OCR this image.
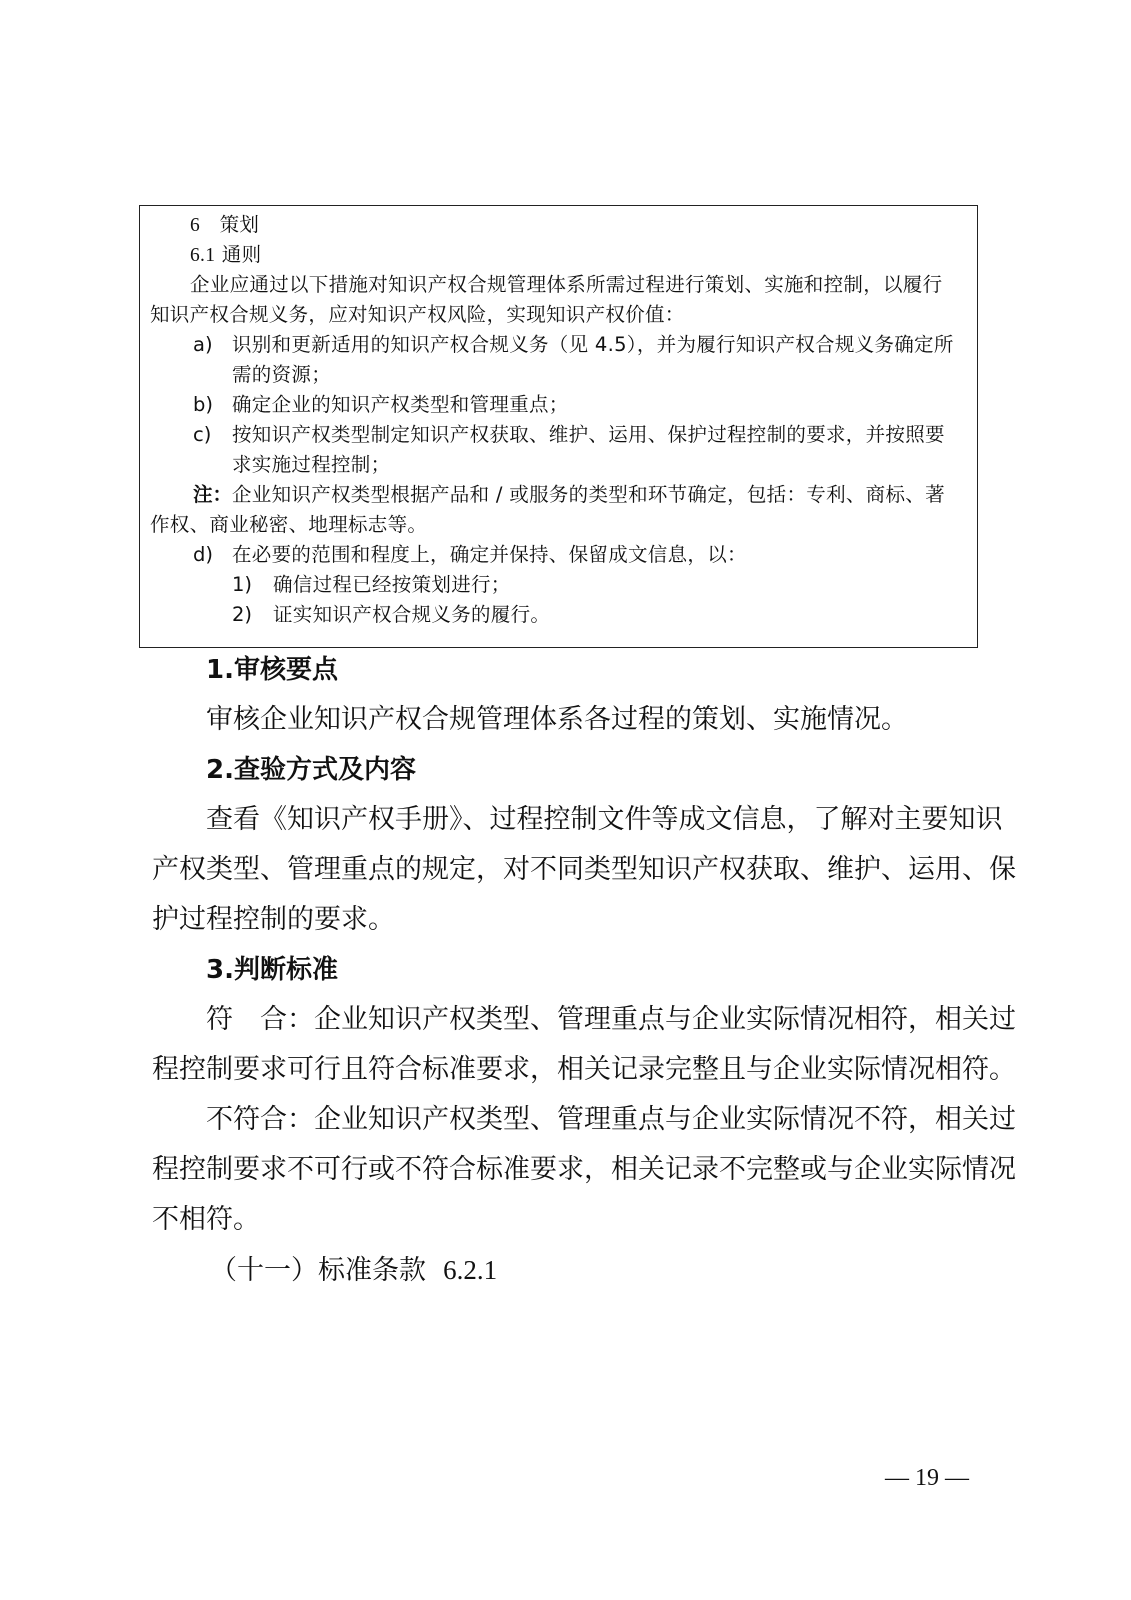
6 策划
6.1 通则
企业应通过以下措施对知识产权合规管理体系所需过程进行策划、实施和控制，以履行
知识产权合规义务，应对知识产权风险，实现知识产权价值：
a) 识别和更新适用的知识产权合规义务（见 4.5），并为履行知识产权合规义务确定所
需的资源；
b) 确定企业的知识产权类型和管理重点；
c) 按知识产权类型制定知识产权获取、维护、运用、保护过程控制的要求，并按照要
求实施过程控制；
注： 企业知识产权类型根据产品和 / 或服务的类型和环节确定，包括：专利、商标、著
作权、商业秘密、地理标志等。
d) 在必要的范围和程度上，确定并保持、保留成文信息，以：
1) 确信过程已经按策划进行；
2) 证实知识产权合规义务的履行。
1.审核要点
审核企业知识产权合规管理体系各过程的策划、实施情况。
2.查验方式及内容
查看《知识产权手册》、过程控制文件等成文信息，了解对主要知识
产权类型、管理重点的规定，对不同类型知识产权获取、维护、运用、保
护过程控制的要求。
3.判断标准
符　合：企业知识产权类型、管理重点与企业实际情况相符，相关过
程控制要求可行且符合标准要求，相关记录完整且与企业实际情况相符。
不符合：企业知识产权类型、管理重点与企业实际情况不符，相关过
程控制要求不可行或不符合标准要求，相关记录不完整或与企业实际情况
不相符。
（十一）标准条款 6.2.1
— 19 —
